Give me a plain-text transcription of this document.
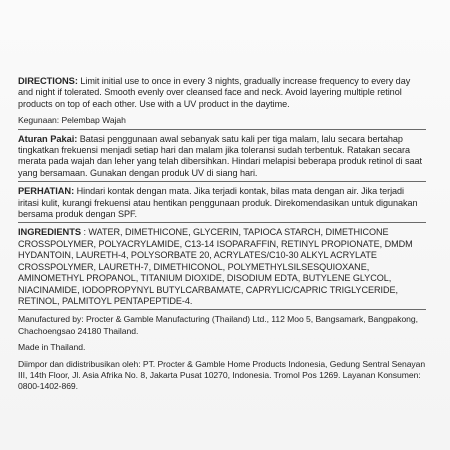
DIRECTIONS: Limit initial use to once in every 3 nights, gradually increase frequency to every day and night if tolerated. Smooth evenly over cleansed face and neck. Avoid layering multiple retinol products on top of each other. Use with a UV product in the daytime.

Kegunaan: Pelembap Wajah

Aturan Pakai: Batasi penggunaan awal sebanyak satu kali per tiga malam, lalu secara bertahap tingkatkan frekuensi menjadi setiap hari dan malam jika toleransi sudah terbentuk. Ratakan secara merata pada wajah dan leher yang telah dibersihkan. Hindari melapisi beberapa produk retinol di saat yang bersamaan. Gunakan dengan produk UV di siang hari.

PERHATIAN: Hindari kontak dengan mata. Jika terjadi kontak, bilas mata dengan air. Jika terjadi iritasi kulit, kurangi frekuensi atau hentikan penggunaan produk. Direkomendasikan untuk digunakan bersama produk dengan SPF.

INGREDIENTS : WATER, DIMETHICONE, GLYCERIN, TAPIOCA STARCH, DIMETHICONE CROSSPOLYMER, POLYACRYLAMIDE, C13-14 ISOPARAFFIN, RETINYL PROPIONATE, DMDM HYDANTOIN, LAURETH-4, POLYSORBATE 20, ACRYLATES/C10-30 ALKYL ACRYLATE CROSSPOLYMER, LAURETH-7, DIMETHICONOL, POLYMETHYLSILSESQUIOXANE, AMINOMETHYL PROPANOL, TITANIUM DIOXIDE, DISODIUM EDTA, BUTYLENE GLYCOL, NIACINAMIDE, IODOPROPYNYL BUTYLCARBAMATE, CAPRYLIC/CAPRIC TRIGLYCERIDE, RETINOL, PALMITOYL PENTAPEPTIDE-4.

Manufactured by: Procter & Gamble Manufacturing (Thailand) Ltd., 112 Moo 5, Bangsamark, Bangpakong, Chachoengsao 24180 Thailand.

Made in Thailand.

Diimpor dan didistribusikan oleh: PT. Procter & Gamble Home Products Indonesia, Gedung Sentral Senayan III, 14th Floor, Jl. Asia Afrika No. 8, Jakarta Pusat 10270, Indonesia. Tromol Pos 1269. Layanan Konsumen: 0800-1402-869.
